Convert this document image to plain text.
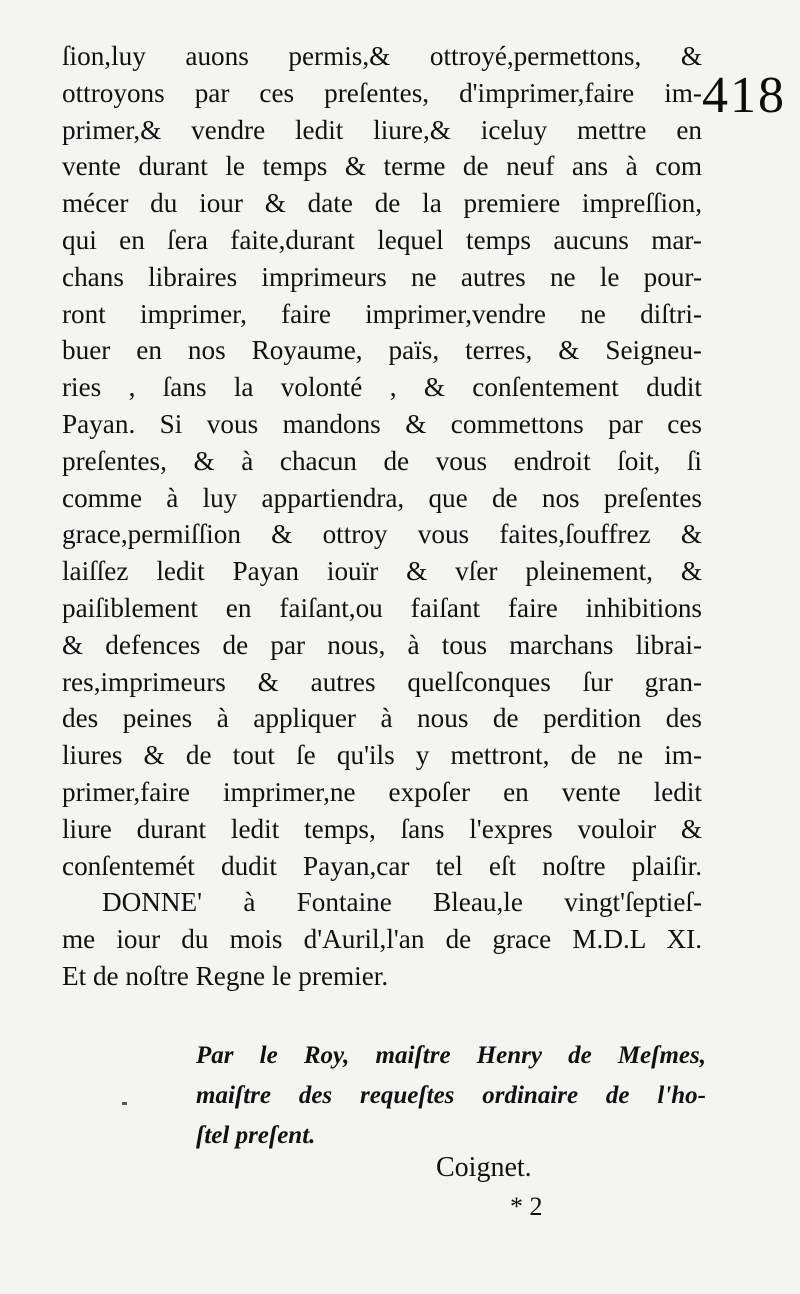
418
ſion,luy auons permis,& ottroyé,permettons, &
ottroyons par ces preſentes, d'imprimer,faire im-
primer,& vendre ledit liure,& iceluy mettre en
vente durant le temps & terme de neuf ans à com
mécer du iour & date de la premiere impreſſion,
qui en ſera faite,durant lequel temps aucuns mar-
chans libraires imprimeurs ne autres ne le pour-
ront imprimer, faire imprimer,vendre ne diſtri-
buer en nos Royaume, païs, terres, & Seigneu-
ries , ſans la volonté , & conſentement dudit
Payan. Si vous mandons & commettons par ces
preſentes, & à chacun de vous endroit ſoit, ſi
comme à luy appartiendra, que de nos preſentes
grace,permiſſion & ottroy vous faites,ſouffrez &
laiſſez ledit Payan iouïr & vſer pleinement, &
paiſiblement en faiſant,ou faiſant faire inhibitions
& defences de par nous, à tous marchans librai-
res,imprimeurs & autres quelſconques ſur gran-
des peines à appliquer à nous de perdition des
liures & de tout ſe qu'ils y mettront, de ne im-
primer,faire imprimer,ne expoſer en vente ledit
liure durant ledit temps, ſans l'expres vouloir &
conſentemét dudit Payan,car tel eſt noſtre plaiſir.
DONNE' à Fontaine Bleau,le vingt'ſeptieſ-
me iour du mois d'Auril,l'an de grace M.D.L XI.
Et de noſtre Regne le premier.
Par le Roy, maiſtre Henry de Meſmes,
maiſtre des requeſtes ordinaire de l'ho-
ſtel preſent.
Coignet.
* 2
